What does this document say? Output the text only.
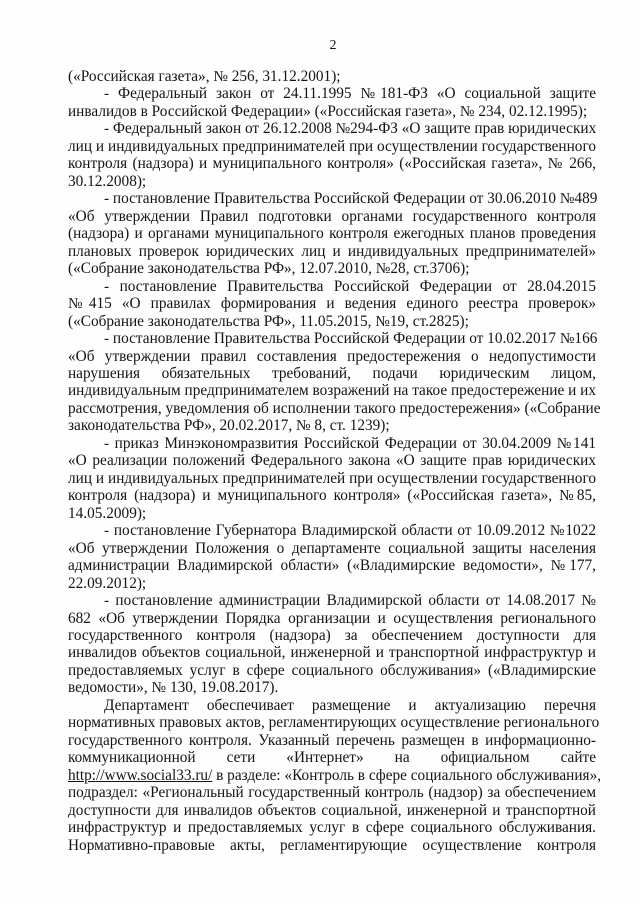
2
(«Российская газета», № 256, 31.12.2001);
- Федеральный закон от 24.11.1995 №181-ФЗ «О социальной защите
инвалидов в Российской Федерации» («Российская газета», № 234, 02.12.1995);
- Федеральный закон от 26.12.2008 №294-ФЗ «О защите прав юридических
лиц и индивидуальных предпринимателей при осуществлении государственного
контроля (надзора) и муниципального контроля» («Российская газета», № 266,
30.12.2008);
- постановление Правительства Российской Федерации от 30.06.2010 №489
«Об утверждении Правил подготовки органами государственного контроля
(надзора) и органами муниципального контроля ежегодных планов проведения
плановых проверок юридических лиц и индивидуальных предпринимателей»
(«Собрание законодательства РФ», 12.07.2010, №28, ст.3706);
- постановление Правительства Российской Федерации от 28.04.2015
№415 «О правилах формирования и ведения единого реестра проверок»
(«Собрание законодательства РФ», 11.05.2015, №19, ст.2825);
- постановление Правительства Российской Федерации от 10.02.2017 №166
«Об утверждении правил составления предостережения о недопустимости
нарушения обязательных требований, подачи юридическим лицом,
индивидуальным предпринимателем возражений на такое предостережение и их
рассмотрения, уведомления об исполнении такого предостережения» («Собрание
законодательства РФ», 20.02.2017, № 8, ст. 1239);
- приказ Минэкономразвития Российской Федерации от 30.04.2009 №141
«О реализации положений Федерального закона «О защите прав юридических
лиц и индивидуальных предпринимателей при осуществлении государственного
контроля (надзора) и муниципального контроля» («Российская газета», №85,
14.05.2009);
- постановление Губернатора Владимирской области от 10.09.2012 №1022
«Об утверждении Положения о департаменте социальной защиты населения
администрации Владимирской области» («Владимирские ведомости», №177,
22.09.2012);
- постановление администрации Владимирской области от 14.08.2017 №
682 «Об утверждении Порядка организации и осуществления регионального
государственного контроля (надзора) за обеспечением доступности для
инвалидов объектов социальной, инженерной и транспортной инфраструктур и
предоставляемых услуг в сфере социального обслуживания» («Владимирские
ведомости», № 130, 19.08.2017).
Департамент обеспечивает размещение и актуализацию перечня
нормативных правовых актов, регламентирующих осуществление регионального
государственного контроля. Указанный перечень размещен в информационно-
коммуникационной сети «Интернет» на официальном сайте
http://www.social33.ru/ в разделе: «Контроль в сфере социального обслуживания»,
подраздел: «Региональный государственный контроль (надзор) за обеспечением
доступности для инвалидов объектов социальной, инженерной и транспортной
инфраструктур и предоставляемых услуг в сфере социального обслуживания.
Нормативно-правовые акты, регламентирующие осуществление контроля
